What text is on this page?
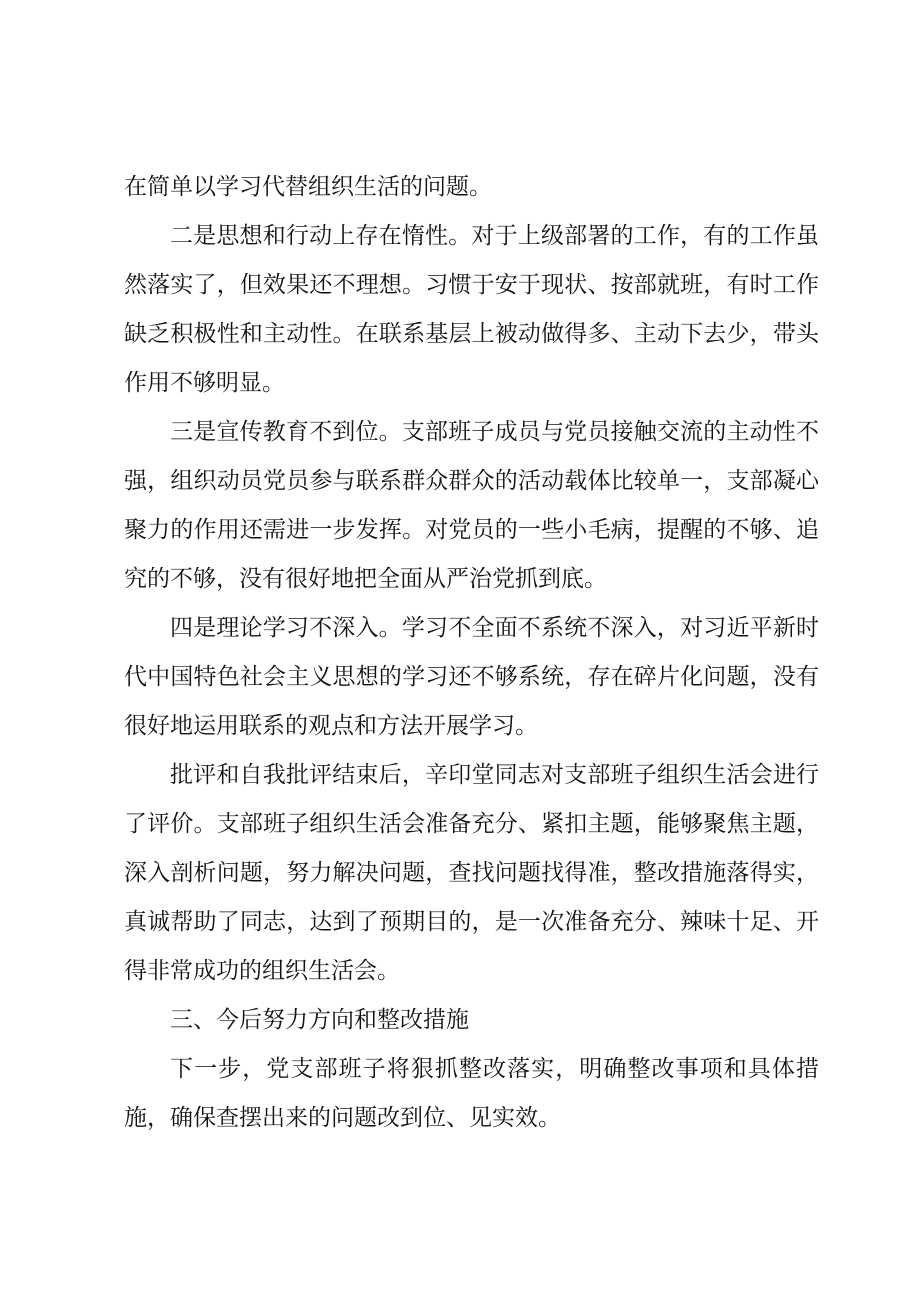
在简单以学习代替组织生活的问题。

二是思想和行动上存在惰性。对于上级部署的工作，有的工作虽然落实了，但效果还不理想。习惯于安于现状、按部就班，有时工作缺乏积极性和主动性。在联系基层上被动做得多、主动下去少，带头作用不够明显。

三是宣传教育不到位。支部班子成员与党员接触交流的主动性不强，组织动员党员参与联系群众群众的活动载体比较单一，支部凝心聚力的作用还需进一步发挥。对党员的一些小毛病，提醒的不够、追究的不够，没有很好地把全面从严治党抓到底。

四是理论学习不深入。学习不全面不系统不深入，对习近平新时代中国特色社会主义思想的学习还不够系统，存在碎片化问题，没有很好地运用联系的观点和方法开展学习。

批评和自我批评结束后，辛印堂同志对支部班子组织生活会进行了评价。支部班子组织生活会准备充分、紧扣主题，能够聚焦主题，深入剖析问题，努力解决问题，查找问题找得准，整改措施落得实，真诚帮助了同志，达到了预期目的，是一次准备充分、辣味十足、开得非常成功的组织生活会。

三、今后努力方向和整改措施

下一步，党支部班子将狠抓整改落实，明确整改事项和具体措施，确保查摆出来的问题改到位、见实效。
